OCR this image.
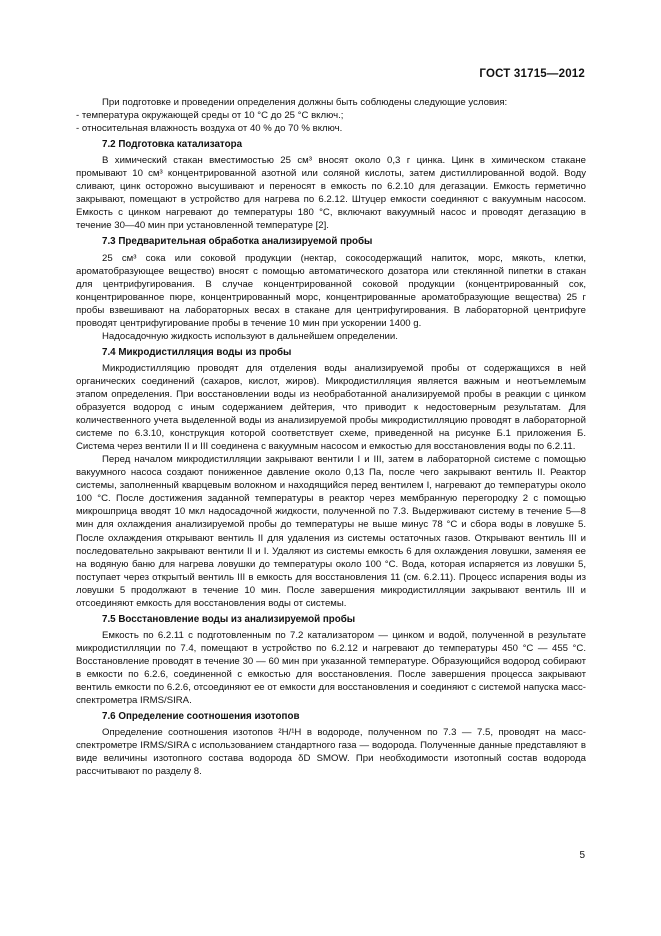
ГОСТ 31715—2012

При подготовке и проведении определения должны быть соблюдены следующие условия:

- температура окружающей среды от 10 °С до 25 °С включ.;
- относительная влажность воздуха от 40 % до 70 % включ.
7.2 Подготовка катализатора

В химический стакан вместимостью 25 см³ вносят около 0,3 г цинка. Цинк в химическом стакане промывают 10 см³ концентрированной азотной или соляной кислоты, затем дистиллированной водой. Воду сливают, цинк осторожно высушивают и переносят в емкость по 6.2.10 для дегазации. Емкость герметично закрывают, помещают в устройство для нагрева по 6.2.12. Штуцер емкости соединяют с вакуумным насосом. Емкость с цинком нагревают до температуры 180 °С, включают вакуумный насос и проводят дегазацию в течение 30—40 мин при установленной температуре [2].

7.3 Предварительная обработка анализируемой пробы

25 см³ сока или соковой продукции (нектар, сокосодержащий напиток, морс, мякоть, клетки, ароматобразующее вещество) вносят с помощью автоматического дозатора или стеклянной пипетки в стакан для центрифугирования. В случае концентрированной соковой продукции (концентрированный сок, концентрированное пюре, концентрированный морс, концентрированные ароматобразующие вещества) 25 г пробы взвешивают на лабораторных весах в стакане для центрифугирования. В лабораторной центрифуге проводят центрифугирование пробы в течение 10 мин при ускорении 1400 g.

Надосадочную жидкость используют в дальнейшем определении.

7.4 Микродистилляция воды из пробы

Микродистилляцию проводят для отделения воды анализируемой пробы от содержащихся в ней органических соединений (сахаров, кислот, жиров). Микродистилляция является важным и неотъемлемым этапом определения. При восстановлении воды из необработанной анализируемой пробы в реакции с цинком образуется водород с иным содержанием дейтерия, что приводит к недостоверным результатам. Для количественного учета выделенной воды из анализируемой пробы микродистилляцию проводят в лабораторной системе по 6.3.10, конструкция которой соответствует схеме, приведенной на рисунке Б.1 приложения Б. Система через вентили II и III соединена с вакуумным насосом и емкостью для восстановления воды по 6.2.11.

Перед началом микродистилляции закрывают вентили I и III, затем в лабораторной системе с помощью вакуумного насоса создают пониженное давление около 0,13 Па, после чего закрывают вентиль II. Реактор системы, заполненный кварцевым волокном и находящийся перед вентилем I, нагревают до температуры около 100 °С. После достижения заданной температуры в реактор через мембранную перегородку 2 с помощью микрошприца вводят 10 мкл надосадочной жидкости, полученной по 7.3. Выдерживают систему в течение 5—8 мин для охлаждения анализируемой пробы до температуры не выше минус 78 °С и сбора воды в ловушке 5. После охлаждения открывают вентиль II для удаления из системы остаточных газов. Открывают вентиль III и последовательно закрывают вентили II и I. Удаляют из системы емкость 6 для охлаждения ловушки, заменяя ее на водяную баню для нагрева ловушки до температуры около 100 °С. Вода, которая испаряется из ловушки 5, поступает через открытый вентиль III в емкость для восстановления 11 (см. 6.2.11). Процесс испарения воды из ловушки 5 продолжают в течение 10 мин. После завершения микродистилляции закрывают вентиль III и отсоединяют емкость для восстановления воды от системы.

7.5 Восстановление воды из анализируемой пробы

Емкость по 6.2.11 с подготовленным по 7.2 катализатором — цинком и водой, полученной в результате микродистилляции по 7.4, помещают в устройство по 6.2.12 и нагревают до температуры 450 °С — 455 °С. Восстановление проводят в течение 30 — 60 мин при указанной температуре. Образующийся водород собирают в емкости по 6.2.6, соединенной с емкостью для восстановления. После завершения процесса закрывают вентиль емкости по 6.2.6, отсоединяют ее от емкости для восстановления и соединяют с системой напуска масс-спектрометра IRMS/SIRA.

7.6 Определение соотношения изотопов

Определение соотношения изотопов ²H/¹H в водороде, полученном по 7.3 — 7.5, проводят на масс-спектрометре IRMS/SIRA с использованием стандартного газа — водорода. Полученные данные представляют в виде величины изотопного состава водорода δD SMOW. При необходимости изотопный состав водорода рассчитывают по разделу 8.

5
